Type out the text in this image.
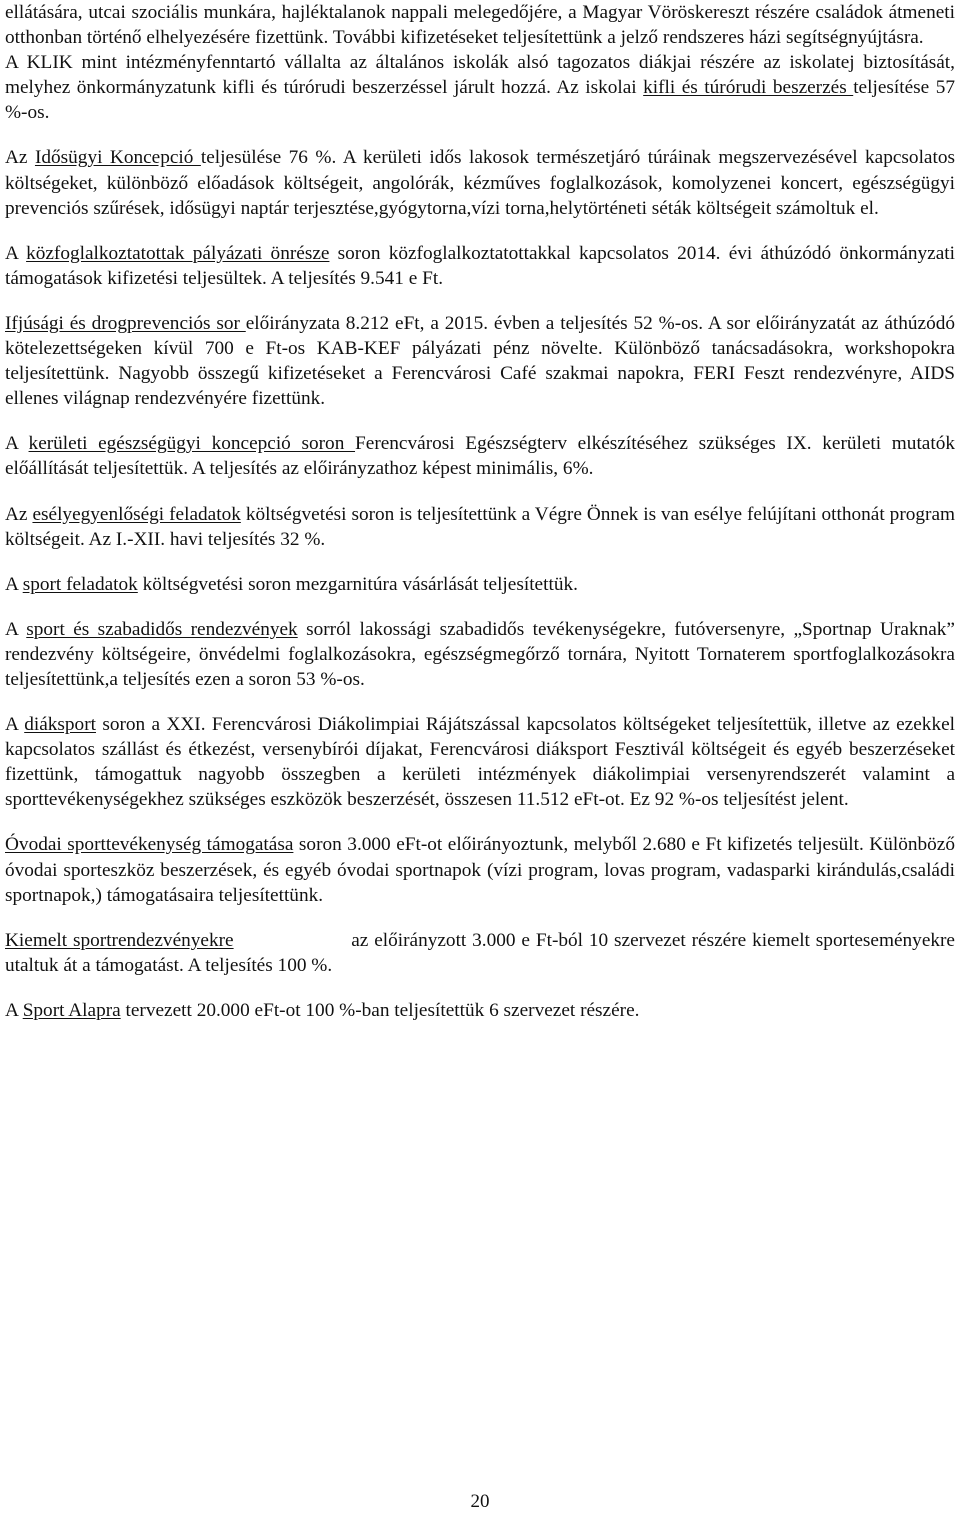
ellátására, utcai szociális munkára, hajléktalanok nappali melegedőjére, a Magyar Vöröskereszt részére családok átmeneti otthonban történő elhelyezésére fizettünk. További kifizetéseket teljesítettünk a jelző rendszeres házi segítségnyújtásra.

A KLIK mint intézményfenntartó vállalta az általános iskolák alsó tagozatos diákjai részére az iskolatej biztosítását, melyhez önkormányzatunk kifli és túrórudi beszerzéssel járult hozzá. Az iskolai kifli és túrórudi beszerzés teljesítése 57 %-os.

Az Idősügyi Koncepció teljesülése 76 %. A kerületi idős lakosok természetjáró túráinak megszervezésével kapcsolatos költségeket, különböző előadások költségeit, angolórák, kézműves foglalkozások, komolyzenei koncert, egészségügyi prevenciós szűrések, idősügyi naptár terjesztése,gyógytorna,vízi torna,helytörténeti séták költségeit számoltuk el.

A közfoglalkoztatottak pályázati önrésze soron közfoglalkoztatottakkal kapcsolatos 2014. évi áthúzódó önkormányzati támogatások kifizetési teljesültek. A teljesítés 9.541 e Ft.

Ifjúsági és drogprevenciós sor előirányzata 8.212 eFt, a 2015. évben a teljesítés 52 %-os. A sor előirányzatát az áthúzódó kötelezettségeken kívül 700 e Ft-os KAB-KEF pályázati pénz növelte. Különböző tanácsadásokra, workshopokra teljesítettünk. Nagyobb összegű kifizetéseket a Ferencvárosi Café szakmai napokra, FERI Feszt rendezvényre, AIDS ellenes világnap rendezvényére fizettünk.

A kerületi egészségügyi koncepció soron Ferencvárosi Egészségterv elkészítéséhez szükséges IX. kerületi mutatók előállítását teljesítettük. A teljesítés az előirányzathoz képest minimális, 6%.

Az esélyegyenlőségi feladatok költségvetési soron is teljesítettünk a Végre Önnek is van esélye felújítani otthonát program költségeit. Az I.-XII. havi teljesítés 32 %.

A sport feladatok költségvetési soron mezgarnitúra vásárlását teljesítettük.

A sport és szabadidős rendezvények sorról lakossági szabadidős tevékenységekre, futóversenyre, „Sportnap Uraknak” rendezvény költségeire, önvédelmi foglalkozásokra, egészségmegőrző tornára, Nyitott Tornaterem sportfoglalkozásokra teljesítettünk,a teljesítés ezen a soron 53 %-os.

A diáksport soron a XXI. Ferencvárosi Diákolimpiai Rájátszással kapcsolatos költségeket teljesítettük, illetve az ezekkel kapcsolatos szállást és étkezést, versenybírói díjakat, Ferencvárosi diáksport Fesztivál költségeit és egyéb beszerzéseket fizettünk, támogattuk nagyobb összegben a kerületi intézmények diákolimpiai versenyrendszerét valamint a sporttevékenységekhez szükséges eszközök beszerzését, összesen 11.512 eFt-ot. Ez 92 %-os teljesítést jelent.

Óvodai sporttevékenység támogatása soron 3.000 eFt-ot előirányoztunk, melyből 2.680 e Ft kifizetés teljesült. Különböző óvodai sporteszköz beszerzések, és egyéb óvodai sportnapok (vízi program, lovas program, vadasparki kirándulás,családi sportnapok,) támogatásaira teljesítettünk.

Kiemelt sportrendezvényekre                    az előirányzott 3.000 e Ft-ból 10 szervezet részére kiemelt sporteseményekre utaltuk át a támogatást. A teljesítés 100 %.

A Sport Alapra tervezett 20.000 eFt-ot 100 %-ban teljesítettük 6 szervezet részére.

20
